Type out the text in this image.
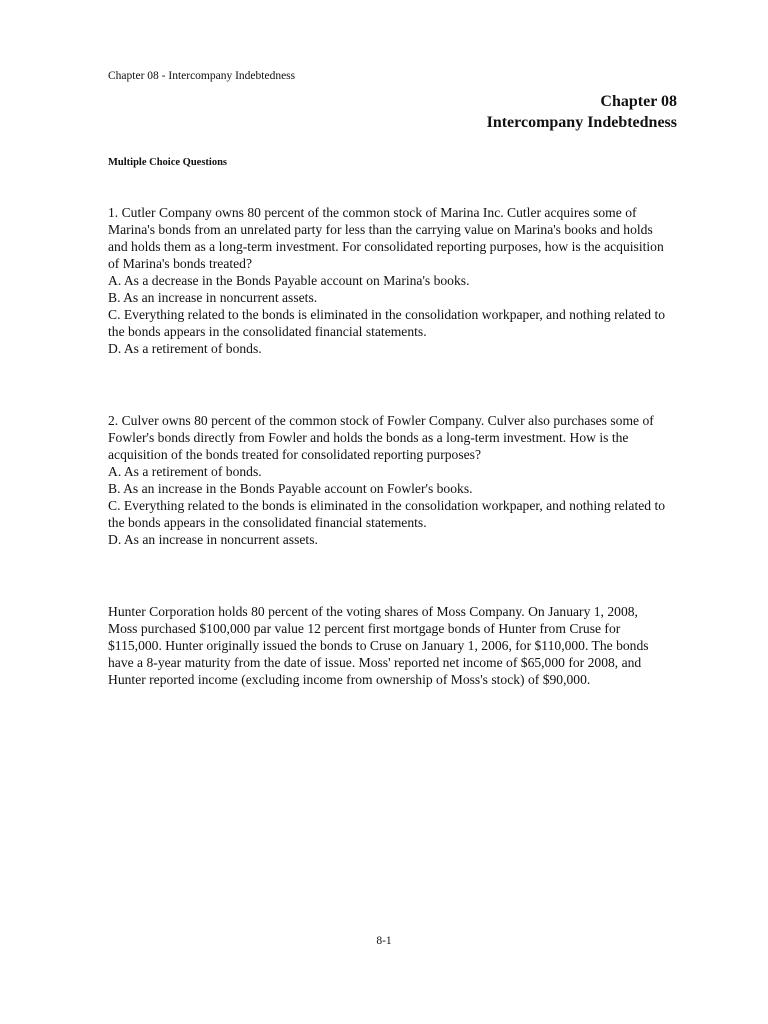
Chapter 08 - Intercompany Indebtedness
Chapter 08
Intercompany Indebtedness
Multiple Choice Questions

1. Cutler Company owns 80 percent of the common stock of Marina Inc. Cutler acquires some of Marina's bonds from an unrelated party for less than the carrying value on Marina's books and holds and holds them as a long-term investment. For consolidated reporting purposes, how is the acquisition of Marina's bonds treated?

A. As a decrease in the Bonds Payable account on Marina's books.

B. As an increase in noncurrent assets.

C. Everything related to the bonds is eliminated in the consolidation workpaper, and nothing related to the bonds appears in the consolidated financial statements.

D. As a retirement of bonds.

2. Culver owns 80 percent of the common stock of Fowler Company. Culver also purchases some of Fowler's bonds directly from Fowler and holds the bonds as a long-term investment. How is the acquisition of the bonds treated for consolidated reporting purposes?

A. As a retirement of bonds.

B. As an increase in the Bonds Payable account on Fowler's books.

C. Everything related to the bonds is eliminated in the consolidation workpaper, and nothing related to the bonds appears in the consolidated financial statements.

D. As an increase in noncurrent assets.

Hunter Corporation holds 80 percent of the voting shares of Moss Company. On January 1, 2008, Moss purchased $100,000 par value 12 percent first mortgage bonds of Hunter from Cruse for $115,000. Hunter originally issued the bonds to Cruse on January 1, 2006, for $110,000. The bonds have a 8-year maturity from the date of issue. Moss' reported net income of $65,000 for 2008, and Hunter reported income (excluding income from ownership of Moss's stock) of $90,000.

8-1
